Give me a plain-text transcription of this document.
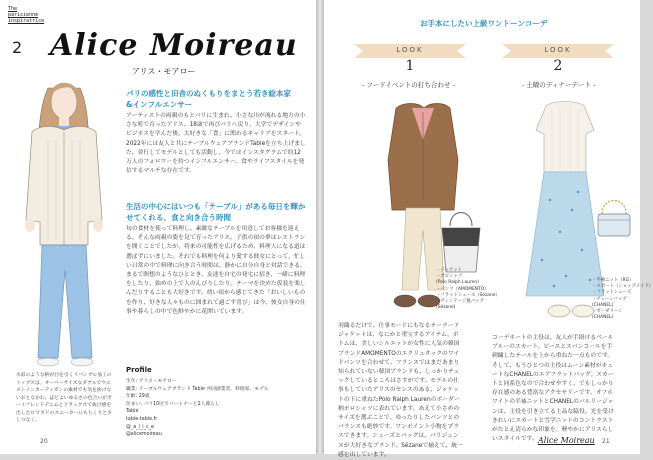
The
parisienne
inspiratrice
2 Alice Moireau
アリス・モアロー
パリの感性と田舎のぬくもりをまとう若き絵本家&インフルエンサー
アーティストの両親のもとパリに生まれ、小さな川が流れる地方の小さな町で育ったアリス。18歳で再びパリへ戻り、大学でデザインやビジネスを学んだ後、大好きな「食」に関わるキャリアをスタート。2022年には友人と共にテーブルウェアブランドTableを立ち上げました。並行してモデルとしても活動し、今ではインスタグラムで約12万人のフォロワーを持つインフルエンサー。食やライフスタイルを発信するマルチな存在です。
生活の中心にはいつも「テーブル」がある毎日を輝かせてくれる、食と向き合う時間
旬の食材を使って料理し、素敵なテーブルを用意してお客様を迎える。そんな両親の姿を見て育ったアリス。子供の頃の夢はレストランを開くことでしたが、将来の可能性を広げるため、料理人になる道は選ばずにいました。それでも料理を何より愛する彼女にとって、忙しい日常の中で料理に向き合う時間は、静かに自分自身と対話できる、まるで瞑想のようなひととき。友達を自宅の発宅に招き、一緒に料理をしたり、始めの上で人のんびりしたり。テーマを決めた仮装を楽しんだりすることも大好きです。幼い頃から感じてきた「おいしいものを作り、好きな人々ものに囲まれて過ごす喜び」は今、彼女自身の仕事や暮らしの中で色鮮やかに花開いています。
水彩のような柄が目を引くリバシブル加工のトップスは、オーバーサイズなダブルでウエストインカーディガンの素材でも気を抜けないおとなかわ、ほどよいゆるさの色合いがボーイフレンドデニムとリラックスで抜け感を出したロワカドのスニーカーにもちくりと少しつなく。
Profile
生年: アリス・モアロー
職業: テーブルウェアブランド Table 共同創業者、料理家、モデル
年齢: 29歳
住まい: パリ10区でパートナーと2人暮らし
Table
table-table.fr
@_a_l_i_c_e
@alicemoireau
20
お手本にしたい上級ワントーンコーデ
LOOK
1
- フードイベントの打ち合わせ -
LOOK
2
- 土曜のディナーデート -
・ジャケット
・ポロシャツ
(Polo Ralph Lauren)
・パンツ（AMOMENTO）
・フラットシューズ（Sézane）
・ヴィンテージ風バッグ
(Sézane)
・半袖ニット（RG）
・スカート（ショップメイド）
・フラットシューズ
・チェーンバッグ
(CHANEL)
・ガーダリーン
(CHANEL)
羽織るだけで、仕事モードにもなるテーラードジャケットは、なにかと重宝するアイテム。ボトムは、美しいシルエットが女性に人気の韓国ブランドAMOMENTOのエクリュタックのワイドパンツを合わせて。フランスではまだあまり知られていない韓国ブランドも、しっかりチェックしているところはさすがです。モデルの仕事もしていたアリスのセンスのある、ジャケットの下に重ねたPolo Ralph Laurenのボーダー柄ポロシャツに表れています。あえて小さめのサイズを選ぶことで、ゆったりしたパンツとのバランスも絶妙です。ワンポイント小物をプラスできます。シューズとバッグは、パリジェンヌが大好きなブランド、Sézaneで揃えて、統一感を出しています。
コーデネートの主役は、友人が手掛けるペールブルーのスカート。ピースとスパンコールを手刺繍したテールを上から重ねた一点ものです。そして、もうひとつの主役はムーン素材がキュートなCHANELのエアフラットバッグ。スカートと同系色なので合わせやすく、でもしっかり存在感のある豊富なアクセサリーです。オフホワイトの半袖ニットとCHANELのパルリージャンは、主役を引き立てる上品な脇役。光を受けきれいにスカートと雪学ニットのコントラストがたとえ清らかな印象を、軽やかにアリスらしいスタイルです。 Alice Moireau 21
